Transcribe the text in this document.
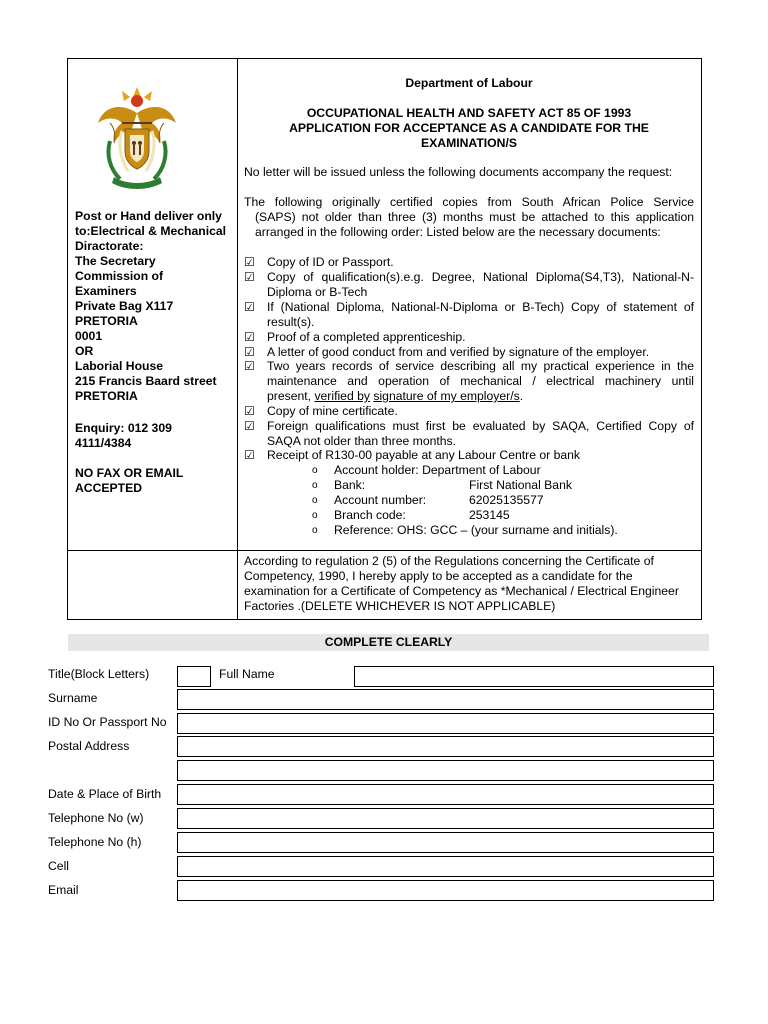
Post or Hand deliver only
to:Electrical & Mechanical
Diractorate:
The Secretary
Commission of
Examiners
Private Bag X117
PRETORIA
0001
OR
Laborial House
215 Francis Baard street
PRETORIA
Enquiry: 012 309
4111/4384
NO FAX OR EMAIL
ACCEPTED
Department of Labour
OCCUPATIONAL HEALTH AND SAFETY ACT 85 OF 1993
APPLICATION FOR ACCEPTANCE AS A CANDIDATE FOR THE
EXAMINATION/S
No letter will be issued unless the following documents accompany the request:
The following originally certified copies from South African Police Service
(SAPS) not older than three (3) months must be attached to this application
arranged in the following order: Listed below are the necessary documents:
☑ Copy of ID or Passport.
☑ Copy of qualification(s).e.g. Degree, National Diploma(S4,T3), National-N-
Diploma or B-Tech
☑ If (National Diploma, National-N-Diploma or B-Tech) Copy of statement of
result(s).
☑ Proof of a completed apprenticeship.
☑ A letter of good conduct from and verified by signature of the employer.
☑ Two years records of service describing all my practical experience in the
maintenance and operation of mechanical / electrical machinery until
present, verified by signature of my employer/s.
☑ Copy of mine certificate.
☑ Foreign qualifications must first be evaluated by SAQA, Certified Copy of
SAQA not older than three months.
☑ Receipt of R130-00 payable at any Labour Centre or bank
o Account holder: Department of Labour
o Bank:	First National Bank
o Account number:	62025135577
o Branch code:	253145
o Reference: OHS: GCC – (your surname and initials).
According to regulation 2 (5) of the Regulations concerning the Certificate of
Competency, 1990, I hereby apply to be accepted as a candidate for the
examination for a Certificate of Competency as *Mechanical / Electrical Engineer
Factories .(DELETE WHICHEVER IS NOT APPLICABLE)
COMPLETE CLEARLY
Title(Block Letters)	Full Name
Surname
ID No Or Passport No
Postal Address
Date & Place of Birth
Telephone No (w)
Telephone No (h)
Cell
Email
